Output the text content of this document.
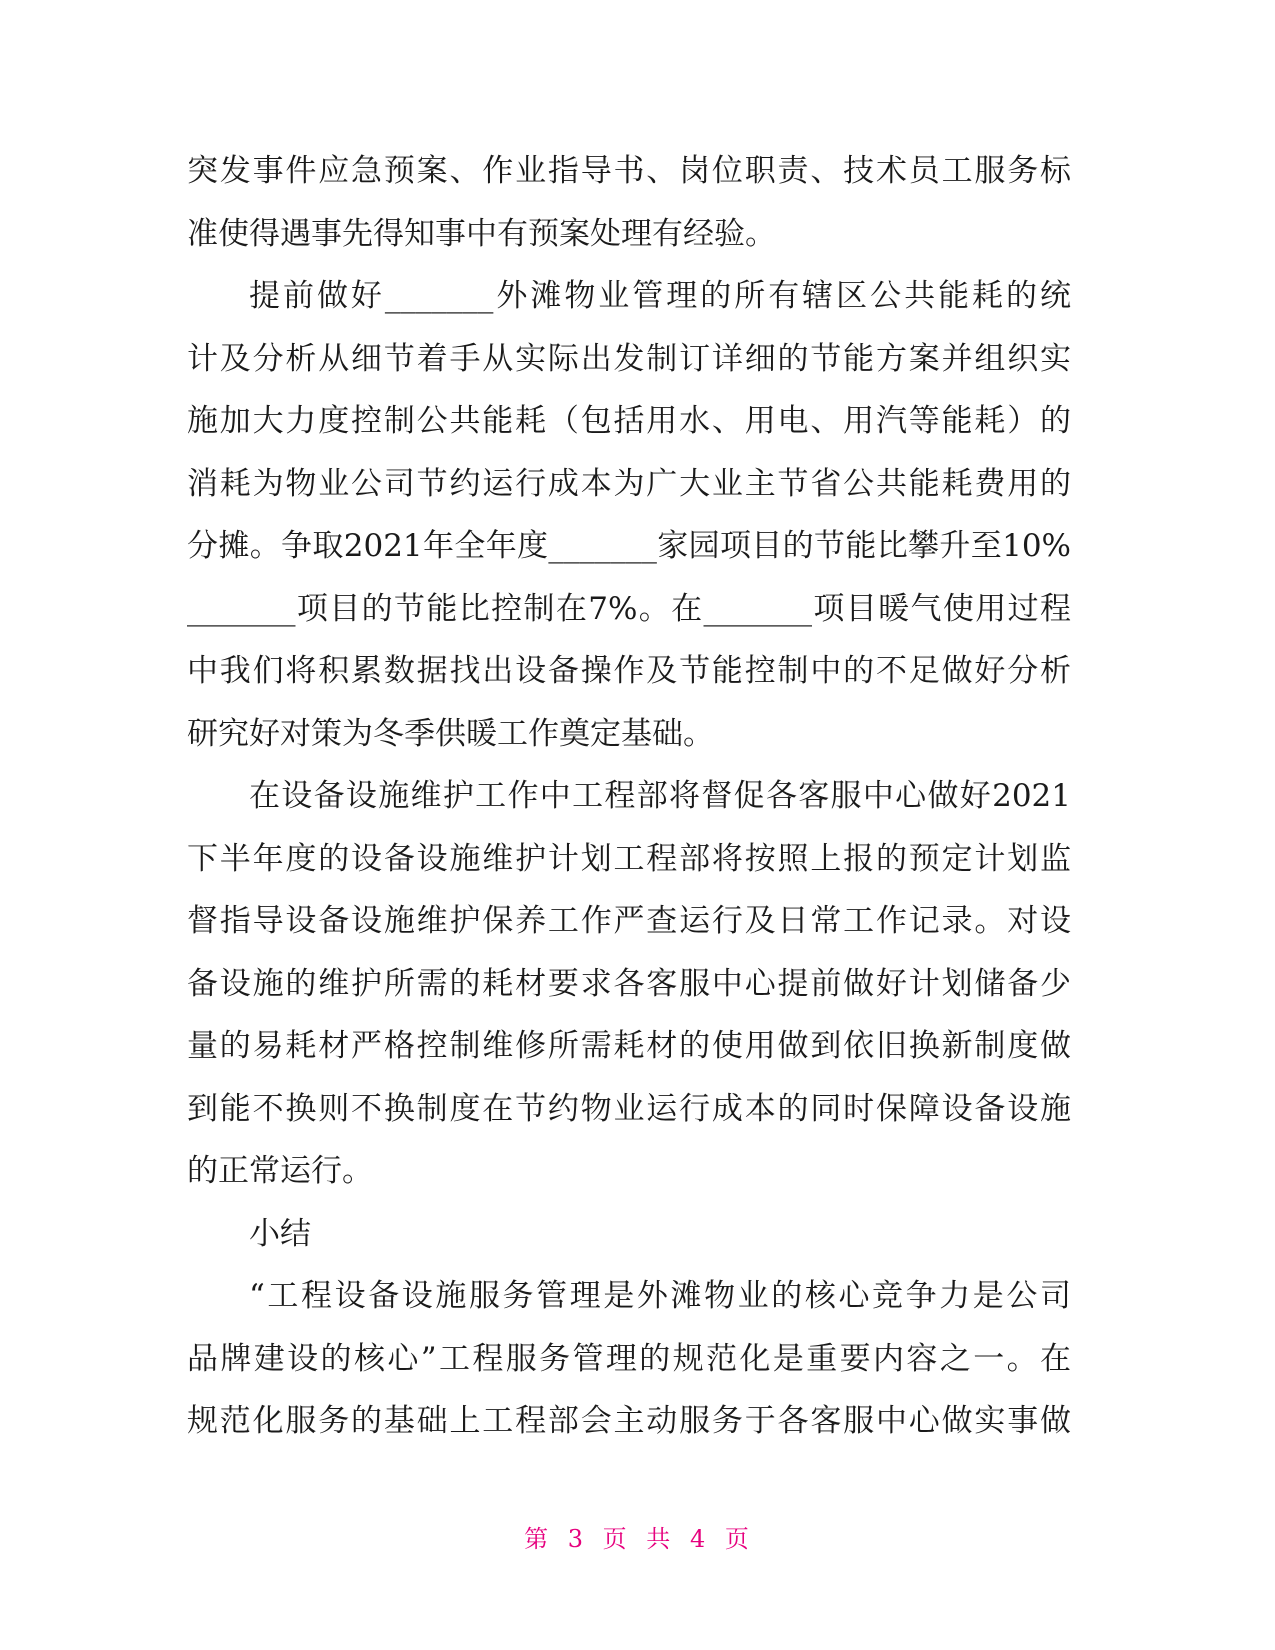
突发事件应急预案、作业指导书、岗位职责、技术员工服务标
准使得遇事先得知事中有预案处理有经验。
提前做好_______外滩物业管理的所有辖区公共能耗的统
计及分析从细节着手从实际出发制订详细的节能方案并组织实
施加大力度控制公共能耗（包括用水、用电、用汽等能耗）的
消耗为物业公司节约运行成本为广大业主节省公共能耗费用的
分摊。争取2021年全年度_______家园项目的节能比攀升至10%
_______项目的节能比控制在7%。在_______项目暖气使用过程
中我们将积累数据找出设备操作及节能控制中的不足做好分析
研究好对策为冬季供暖工作奠定基础。
在设备设施维护工作中工程部将督促各客服中心做好2021
下半年度的设备设施维护计划工程部将按照上报的预定计划监
督指导设备设施维护保养工作严查运行及日常工作记录。对设
备设施的维护所需的耗材要求各客服中心提前做好计划储备少
量的易耗材严格控制维修所需耗材的使用做到依旧换新制度做
到能不换则不换制度在节约物业运行成本的同时保障设备设施
的正常运行。
小结
“工程设备设施服务管理是外滩物业的核心竞争力是公司
品牌建设的核心”工程服务管理的规范化是重要内容之一。在
规范化服务的基础上工程部会主动服务于各客服中心做实事做
第 3 页 共 4 页
